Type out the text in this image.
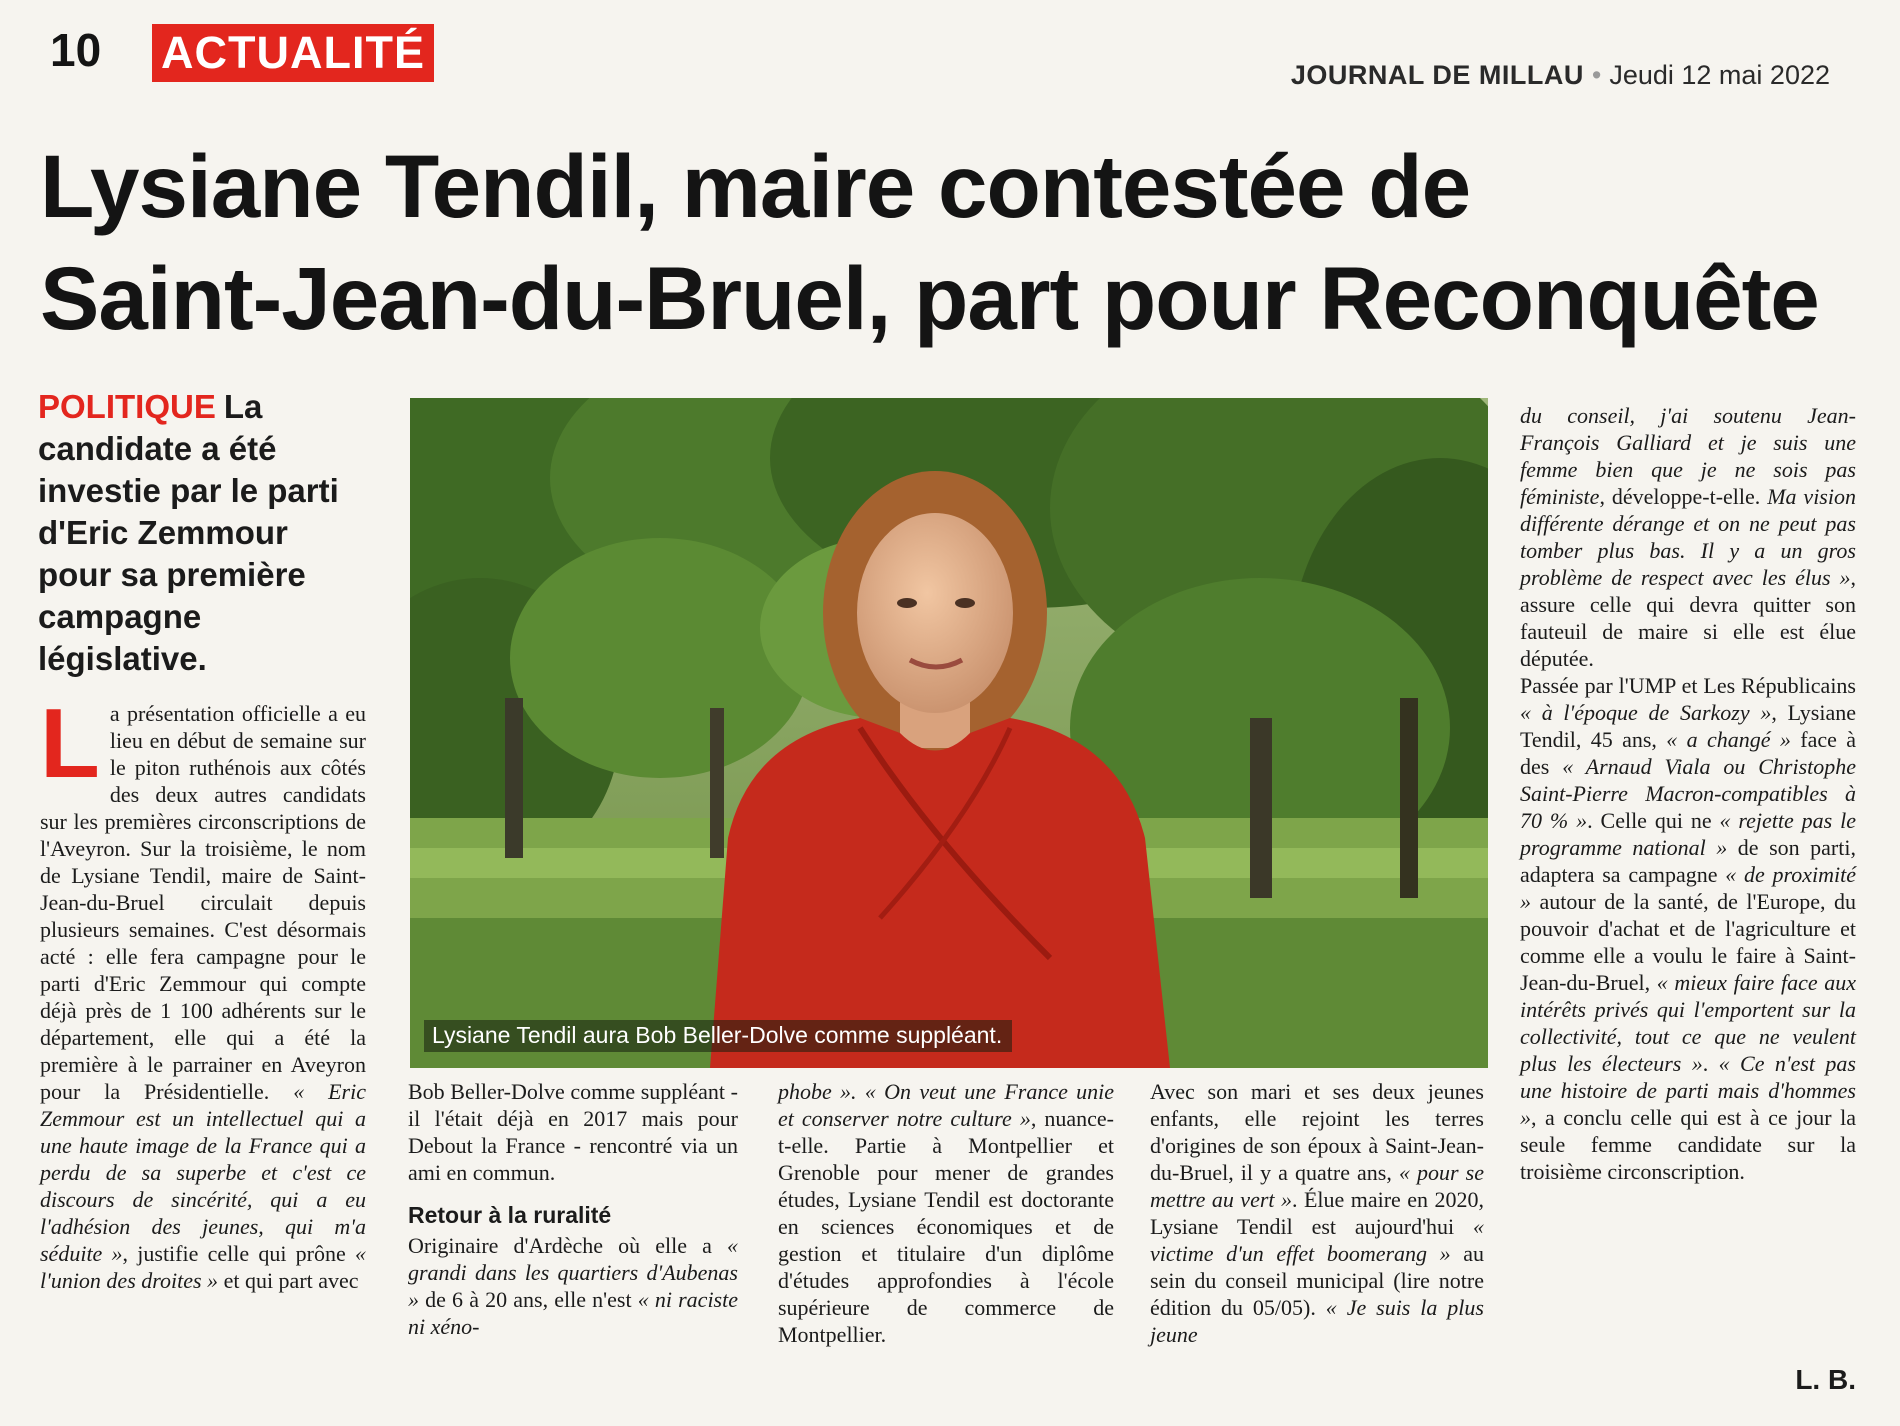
10 ACTUALITÉ	JOURNAL DE MILLAU • Jeudi 12 mai 2022
Lysiane Tendil, maire contestée de
Saint-Jean-du-Bruel, part pour Reconquête
POLITIQUE La candidate a été investie par le parti d'Eric Zemmour pour sa première campagne législative.
Lysiane Tendil aura Bob Beller-Dolve comme suppléant.

La présentation officielle a eu lieu en début de semaine sur le piton ruthénois aux côtés des deux autres candidats sur les premières circonscriptions de l'Aveyron. Sur la troisième, le nom de Lysiane Tendil, maire de Saint-Jean-du-Bruel circulait depuis plusieurs semaines. C'est désormais acté : elle fera campagne pour le parti d'Eric Zemmour qui compte déjà près de 1 100 adhérents sur le département, elle qui a été la première à le parrainer en Aveyron pour la Présidentielle. « Eric Zemmour est un intellectuel qui a une haute image de la France qui a perdu de sa superbe et c'est ce discours de sincérité, qui a eu l'adhésion des jeunes, qui m'a séduite », justifie celle qui prône « l'union des droites » et qui part avec

Bob Beller-Dolve comme suppléant - il l'était déjà en 2017 mais pour Debout la France - rencontré via un ami en commun.

Retour à la ruralité

Originaire d'Ardèche où elle a « grandi dans les quartiers d'Aubenas » de 6 à 20 ans, elle n'est « ni raciste ni xéno-

phobe ». « On veut une France unie et conserver notre culture », nuance-t-elle. Partie à Montpellier et Grenoble pour mener de grandes études, Lysiane Tendil est doctorante en sciences économiques et de gestion et titulaire d'un diplôme d'études approfondies à l'école supérieure de commerce de Montpellier.

Avec son mari et ses deux jeunes enfants, elle rejoint les terres d'origines de son époux à Saint-Jean-du-Bruel, il y a quatre ans, « pour se mettre au vert ». Élue maire en 2020, Lysiane Tendil est aujourd'hui « victime d'un effet boomerang » au sein du conseil municipal (lire notre édition du 05/05). « Je suis la plus jeune

du conseil, j'ai soutenu Jean-François Galliard et je suis une femme bien que je ne sois pas féministe, développe-t-elle. Ma vision différente dérange et on ne peut pas tomber plus bas. Il y a un gros problème de respect avec les élus », assure celle qui devra quitter son fauteuil de maire si elle est élue députée.

Passée par l'UMP et Les Républicains « à l'époque de Sarkozy », Lysiane Tendil, 45 ans, « a changé » face à des « Arnaud Viala ou Christophe Saint-Pierre Macron-compatibles à 70 % ». Celle qui ne « rejette pas le programme national » de son parti, adaptera sa campagne « de proximité » autour de la santé, de l'Europe, du pouvoir d'achat et de l'agriculture et comme elle a voulu le faire à Saint-Jean-du-Bruel, « mieux faire face aux intérêts privés qui l'emportent sur la collectivité, tout ce que ne veulent plus les électeurs ». « Ce n'est pas une histoire de parti mais d'hommes », a conclu celle qui est à ce jour la seule femme candidate sur la troisième circonscription.

L. B.
